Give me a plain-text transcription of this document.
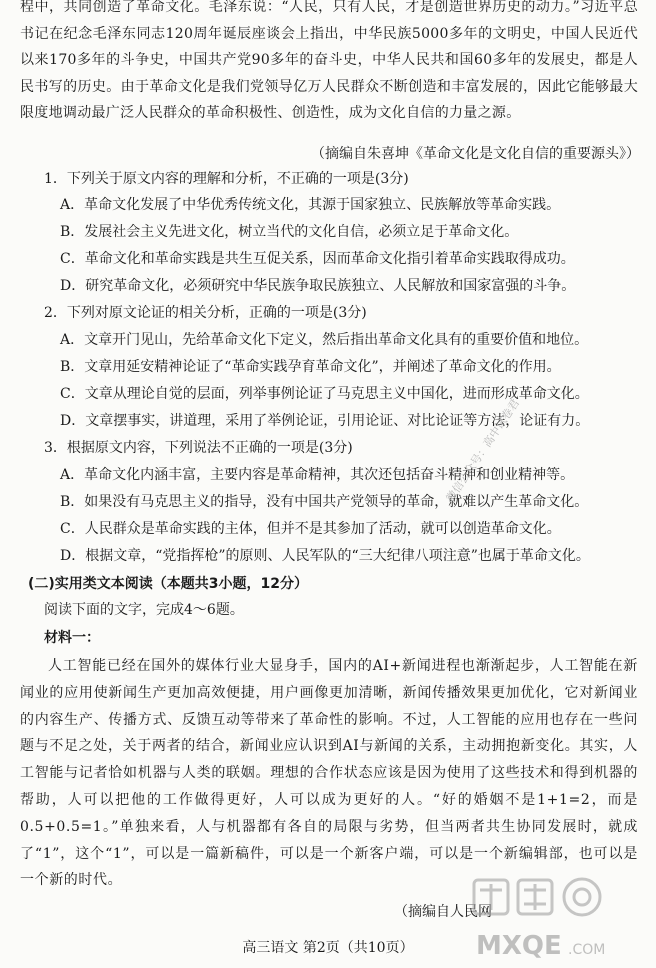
程中，共同创造了革命文化。毛泽东说：“人民，只有人民，才是创造世界历史的动力。”习近平总书记在纪念毛泽东同志120周年诞辰座谈会上指出，中华民族5000多年的文明史，中国人民近代以来170多年的斗争史，中国共产党90多年的奋斗史，中华人民共和国60多年的发展史，都是人民书写的历史。由于革命文化是我们党领导亿万人民群众不断创造和丰富发展的，因此它能够最大限度地调动最广泛人民群众的革命积极性、创造性，成为文化自信的力量之源。
（摘编自朱喜坤《革命文化是文化自信的重要源头》）
1．下列关于原文内容的理解和分析，不正确的一项是(3分)
A．革命文化发展了中华优秀传统文化，其源于国家独立、民族解放等革命实践。
B．发展社会主义先进文化，树立当代的文化自信，必须立足于革命文化。
C．革命文化和革命实践是共生互促关系，因而革命文化指引着革命实践取得成功。
D．研究革命文化，必须研究中华民族争取民族独立、人民解放和国家富强的斗争。
2．下列对原文论证的相关分析，正确的一项是(3分)
A．文章开门见山，先给革命文化下定义，然后指出革命文化具有的重要价值和地位。
B．文章用延安精神论证了“革命实践孕育革命文化”，并阐述了革命文化的作用。
C．文章从理论自觉的层面，列举事例论证了马克思主义中国化，进而形成革命文化。
D．文章摆事实，讲道理，采用了举例论证，引用论证、对比论证等方法，论证有力。
3．根据原文内容，下列说法不正确的一项是(3分)
A．革命文化内涵丰富，主要内容是革命精神，其次还包括奋斗精神和创业精神等。
B．如果没有马克思主义的指导，没有中国共产党领导的革命，就难以产生革命文化。
C．人民群众是革命实践的主体，但并不是其参加了活动，就可以创造革命文化。
D．根据文章，“党指挥枪”的原则、人民军队的“三大纪律八项注意”也属于革命文化。
(二)实用类文本阅读（本题共3小题，12分）
阅读下面的文字，完成4～6题。
材料一：
人工智能已经在国外的媒体行业大显身手，国内的AI+新闻进程也渐渐起步，人工智能在新闻业的应用使新闻生产更加高效便捷，用户画像更加清晰，新闻传播效果更加优化，它对新闻业的内容生产、传播方式、反馈互动等带来了革命性的影响。不过，人工智能的应用也存在一些问题与不足之处，关于两者的结合，新闻业应认识到AI与新闻的关系，主动拥抱新变化。其实，人工智能与记者恰如机器与人类的联姻。理想的合作状态应该是因为使用了这些技术和得到机器的帮助，人可以把他的工作做得更好，人可以成为更好的人。“好的婚姻不是1+1=2，而是0.5+0.5=1。”单独来看，人与机器都有各自的局限与劣势，但当两者共生协同发展时，就成了“1”，这个“1”，可以是一篇新稿件，可以是一个新客户端，可以是一个新编辑部，也可以是一个新的时代。
（摘编自人民网
高三语文 第2页（共10页）
微信公众号：高中试卷君
MXQE .COM
